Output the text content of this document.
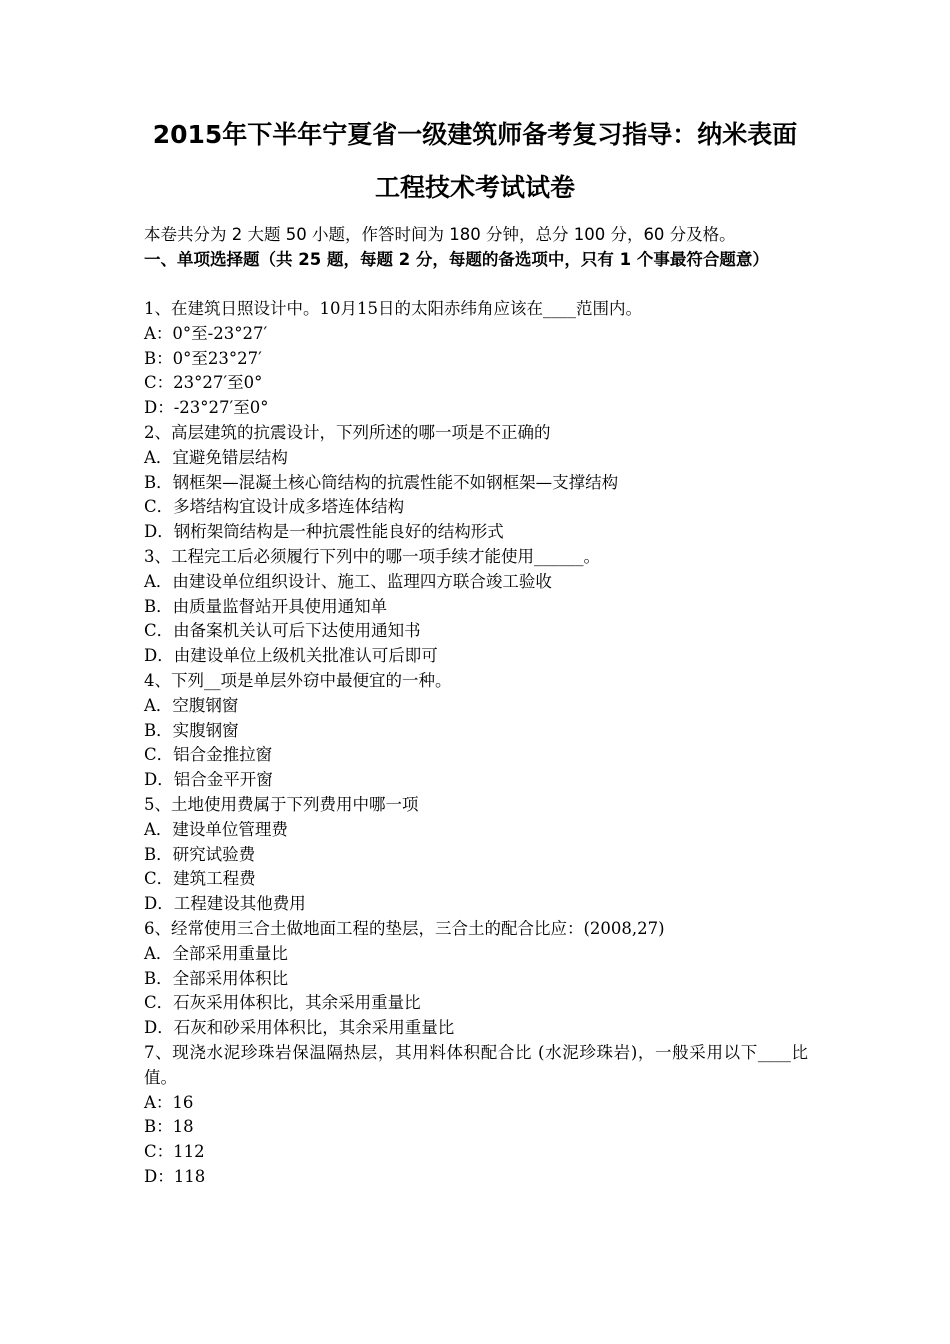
2015年下半年宁夏省一级建筑师备考复习指导：纳米表面
工程技术考试试卷
本卷共分为 2 大题 50 小题，作答时间为 180 分钟，总分 100 分，60 分及格。
一、单项选择题（共 25 题，每题 2 分，每题的备选项中，只有 1 个事最符合题意）
1、在建筑日照设计中。10月15日的太阳赤纬角应该在____范围内。
A：0°至-23°27′
B：0°至23°27′
C：23°27′至0°
D：-23°27′至0°
2、高层建筑的抗震设计，下列所述的哪一项是不正确的
A．宜避免错层结构
B．钢框架—混凝土核心筒结构的抗震性能不如钢框架—支撑结构
C．多塔结构宜设计成多塔连体结构
D．钢桁架筒结构是一种抗震性能良好的结构形式
3、工程完工后必须履行下列中的哪一项手续才能使用______。
A．由建设单位组织设计、施工、监理四方联合竣工验收
B．由质量监督站开具使用通知单
C．由备案机关认可后下达使用通知书
D．由建设单位上级机关批准认可后即可
4、下列__项是单层外窃中最便宜的一种。
A．空腹钢窗
B．实腹钢窗
C．铝合金推拉窗
D．铝合金平开窗
5、土地使用费属于下列费用中哪一项
A．建设单位管理费
B．研究试验费
C．建筑工程费
D．工程建设其他费用
6、经常使用三合土做地面工程的垫层，三合土的配合比应：(2008,27)
A．全部采用重量比
B．全部采用体积比
C．石灰采用体积比，其余采用重量比
D．石灰和砂采用体积比，其余采用重量比
7、现浇水泥珍珠岩保温隔热层，其用料体积配合比 (水泥珍珠岩)，一般采用以下____比值。
A：16
B：18
C：112
D：118
